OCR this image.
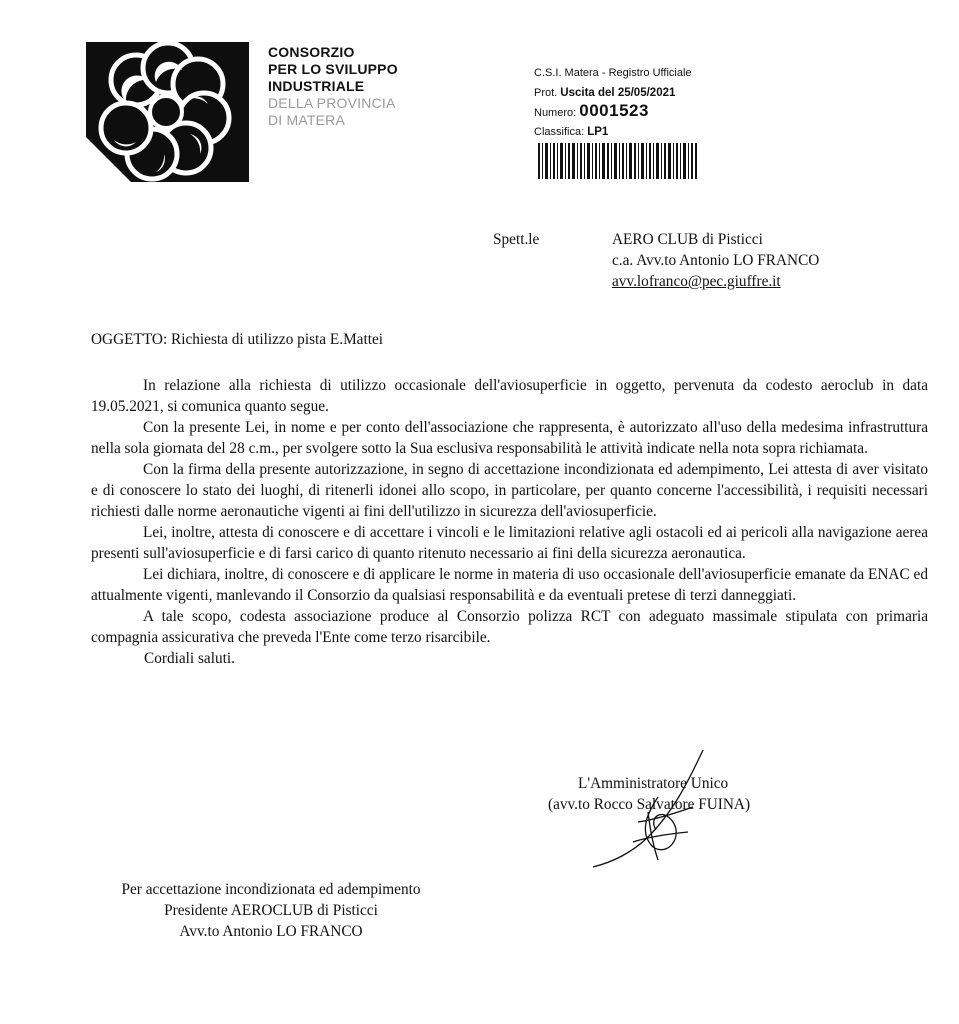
CONSORZIO
PER LO SVILUPPO
INDUSTRIALE
DELLA PROVINCIA
DI MATERA
C.S.I. Matera - Registro Ufficiale
Prot. Uscita del 25/05/2021
Numero: 0001523
Classifica: LP1
Spett.le	AERO CLUB di Pisticci
c.a. Avv.to Antonio LO FRANCO
avv.lofranco@pec.giuffre.it
OGGETTO: Richiesta di utilizzo pista E.Mattei

In relazione alla richiesta di utilizzo occasionale dell'aviosuperficie in oggetto, pervenuta da codesto aeroclub in data 19.05.2021, si comunica quanto segue.

Con la presente Lei, in nome e per conto dell'associazione che rappresenta, è autorizzato all'uso della medesima infrastruttura nella sola giornata del 28 c.m., per svolgere sotto la Sua esclusiva responsabilità le attività indicate nella nota sopra richiamata.

Con la firma della presente autorizzazione, in segno di accettazione incondizionata ed adempimento, Lei attesta di aver visitato e di conoscere lo stato dei luoghi, di ritenerli idonei allo scopo, in particolare, per quanto concerne l'accessibilità, i requisiti necessari richiesti dalle norme aeronautiche vigenti ai fini dell'utilizzo in sicurezza dell'aviosuperficie.

Lei, inoltre, attesta di conoscere e di accettare i vincoli e le limitazioni relative agli ostacoli ed ai pericoli alla navigazione aerea presenti sull'aviosuperficie e di farsi carico di quanto ritenuto necessario ai fini della sicurezza aeronautica.

Lei dichiara, inoltre, di conoscere e di applicare le norme in materia di uso occasionale dell'aviosuperficie emanate da ENAC ed attualmente vigenti, manlevando il Consorzio da qualsiasi responsabilità e da eventuali pretese di terzi danneggiati.

A tale scopo, codesta associazione produce al Consorzio polizza RCT con adeguato massimale stipulata con primaria compagnia assicurativa che preveda l'Ente come terzo risarcibile.

Cordiali saluti.

L'Amministratore Unico
(avv.to Rocco Salvatore FUINA)
Per accettazione incondizionata ed adempimento
Presidente AEROCLUB di Pisticci
Avv.to Antonio LO FRANCO
